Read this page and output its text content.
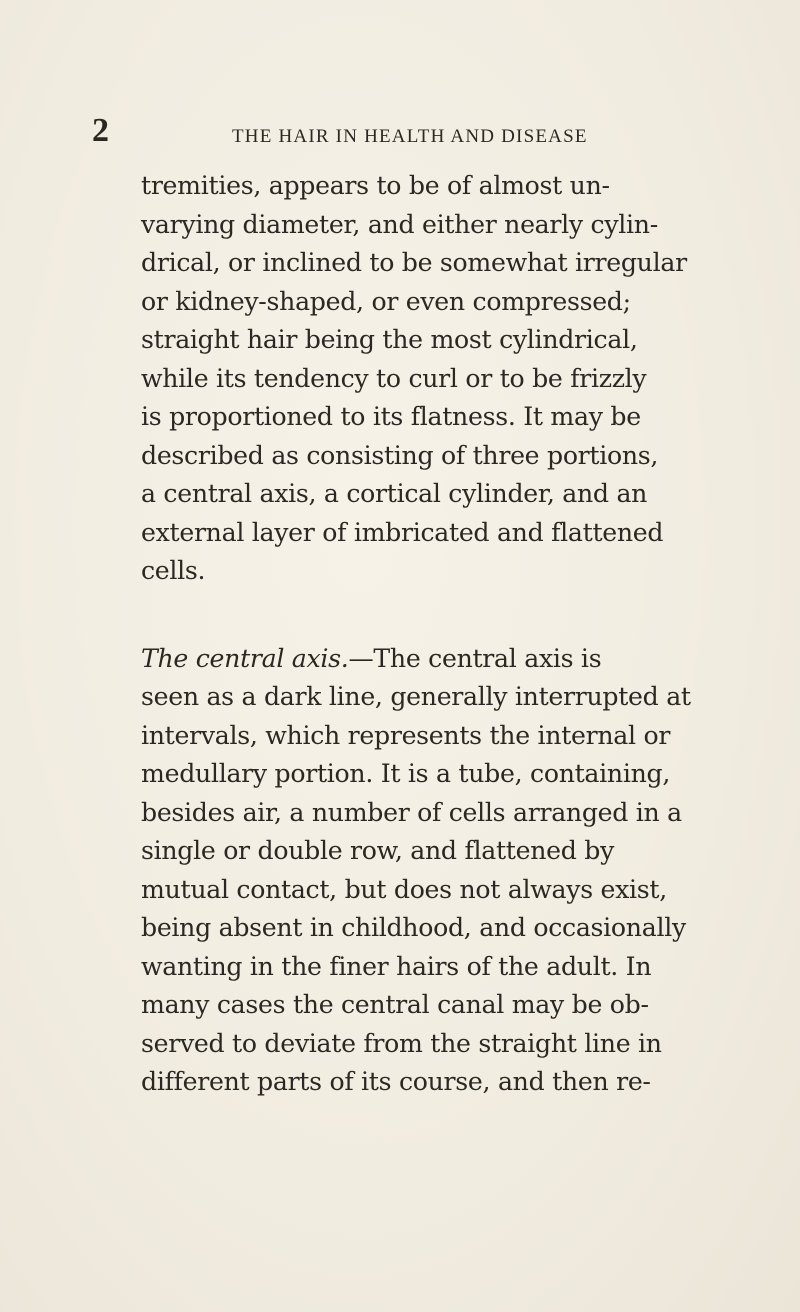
2	THE HAIR IN HEALTH AND DISEASE
tremities, appears to be of almost un-
varying diameter, and either nearly cylin-
drical, or inclined to be somewhat irregular
or kidney-shaped, or even compressed;
straight hair being the most cylindrical,
while its tendency to curl or to be frizzly
is proportioned to its flatness. It may be
described as consisting of three portions,
a central axis, a cortical cylinder, and an
external layer of imbricated and flattened
cells.
The central axis.—The central axis is
seen as a dark line, generally interrupted at
intervals, which represents the internal or
medullary portion. It is a tube, containing,
besides air, a number of cells arranged in a
single or double row, and flattened by
mutual contact, but does not always exist,
being absent in childhood, and occasionally
wanting in the finer hairs of the adult. In
many cases the central canal may be ob-
served to deviate from the straight line in
different parts of its course, and then re-
